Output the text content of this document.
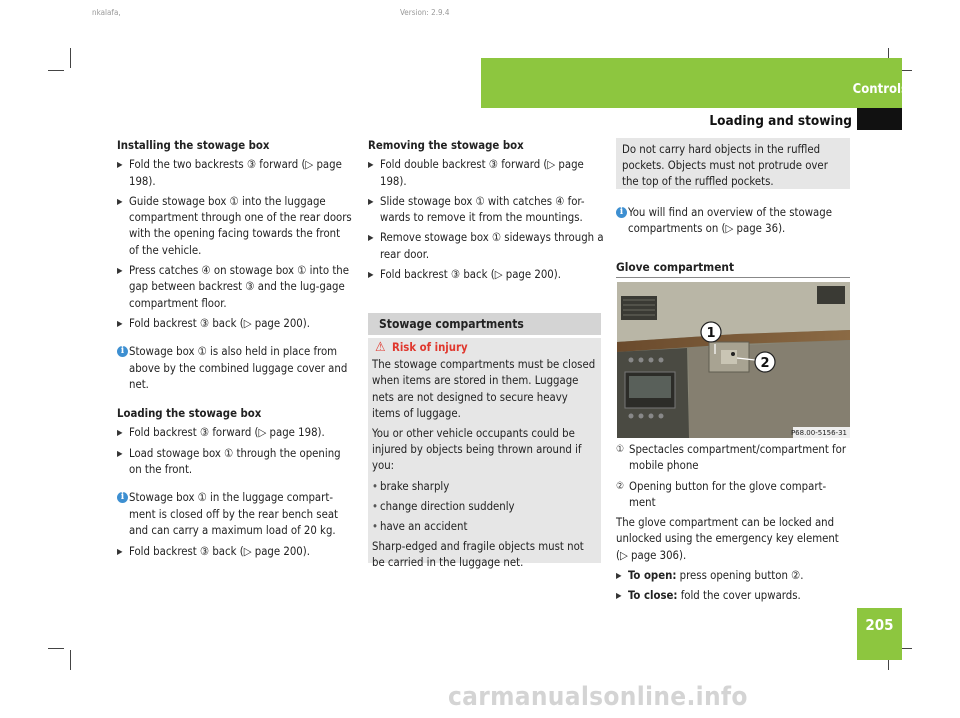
nkalafa,	Version: 2.9.4
Controls
Loading and stowing
205

Installing the stowage box

▶ Fold the two backrests ③ forward (▷ page 198).

▶ Guide stowage box ① into the luggage compartment through one of the rear doors with the opening facing towards the front of the vehicle.

▶ Press catches ④ on stowage box ① into the gap between backrest ③ and the lug-gage compartment floor.

▶ Fold backrest ③ back (▷ page 200).

i Stowage box ① is also held in place from above by the combined luggage cover and net.

Loading the stowage box

▶ Fold backrest ③ forward (▷ page 198).

▶ Load stowage box ① through the opening on the front.

i Stowage box ① in the luggage compart-ment is closed off by the rear bench seat and can carry a maximum load of 20 kg.

▶ Fold backrest ③ back (▷ page 200).

Removing the stowage box

▶ Fold double backrest ③ forward (▷ page 198).

▶ Slide stowage box ① with catches ④ for-wards to remove it from the mountings.

▶ Remove stowage box ① sideways through a rear door.

▶ Fold backrest ③ back (▷ page 200).

Stowage compartments

⚠ Risk of injury

The stowage compartments must be closed when items are stored in them. Luggage nets are not designed to secure heavy items of luggage.

You or other vehicle occupants could be injured by objects being thrown around if you:

• brake sharply

• change direction suddenly

• have an accident

Sharp-edged and fragile objects must not be carried in the luggage net.

Do not carry hard objects in the ruffled pockets. Objects must not protrude over the top of the ruffled pockets.

i You will find an overview of the stowage compartments on (▷ page 36).

Glove compartment
1
2
P68.00-5156-31

① Spectacles compartment/compartment for mobile phone

② Opening button for the glove compart-ment

The glove compartment can be locked and unlocked using the emergency key element (▷ page 306).

▶ To open: press opening button ②.

▶ To close: fold the cover upwards.

carmanualsonline.info
